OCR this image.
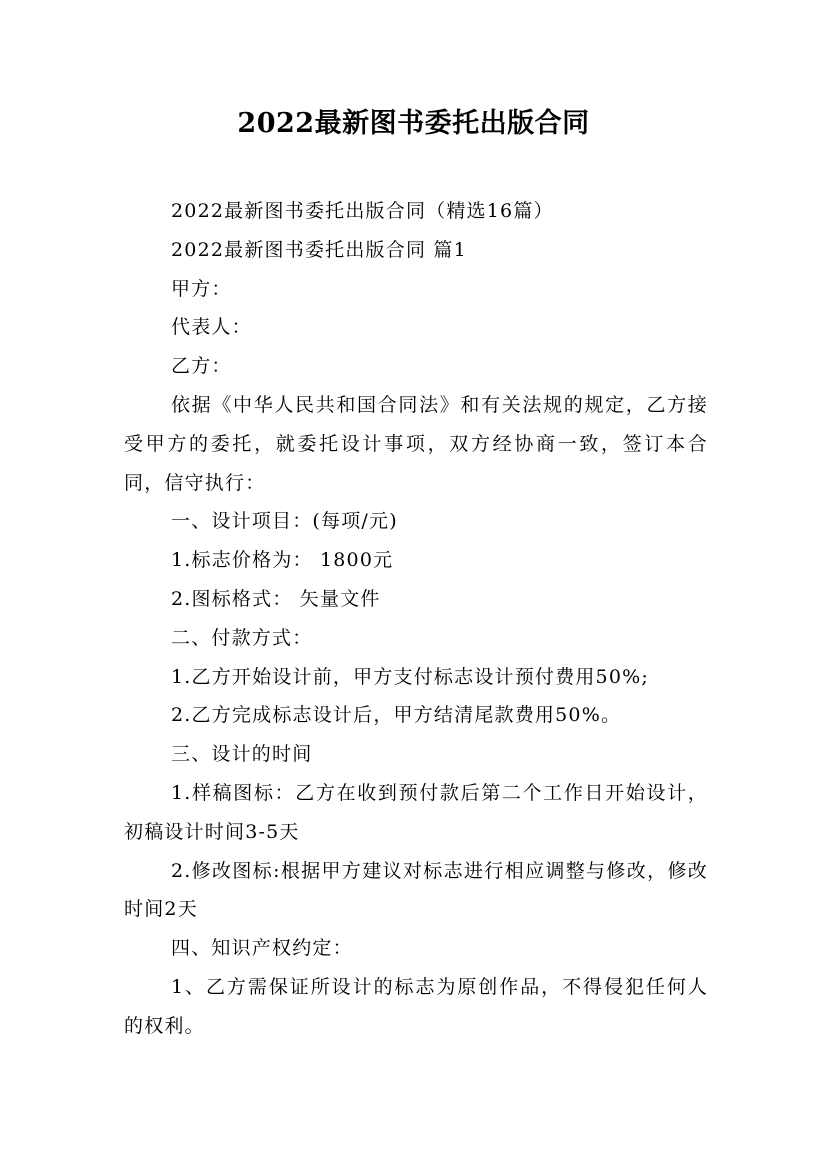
2022最新图书委托出版合同

2022最新图书委托出版合同（精选16篇）

2022最新图书委托出版合同 篇1

甲方：

代表人：

乙方：

依据《中华人民共和国合同法》和有关法规的规定，乙方接受甲方的委托，就委托设计事项，双方经协商一致，签订本合同，信守执行：

一、设计项目：(每项/元)

1.标志价格为： 1800元

2.图标格式： 矢量文件

二、付款方式：

1.乙方开始设计前，甲方支付标志设计预付费用50%;

2.乙方完成标志设计后，甲方结清尾款费用50%。

三、设计的时间

1.样稿图标：乙方在收到预付款后第二个工作日开始设计，初稿设计时间3-5天

2.修改图标:根据甲方建议对标志进行相应调整与修改，修改时间2天

四、知识产权约定：

1、乙方需保证所设计的标志为原创作品，不得侵犯任何人的权利。
